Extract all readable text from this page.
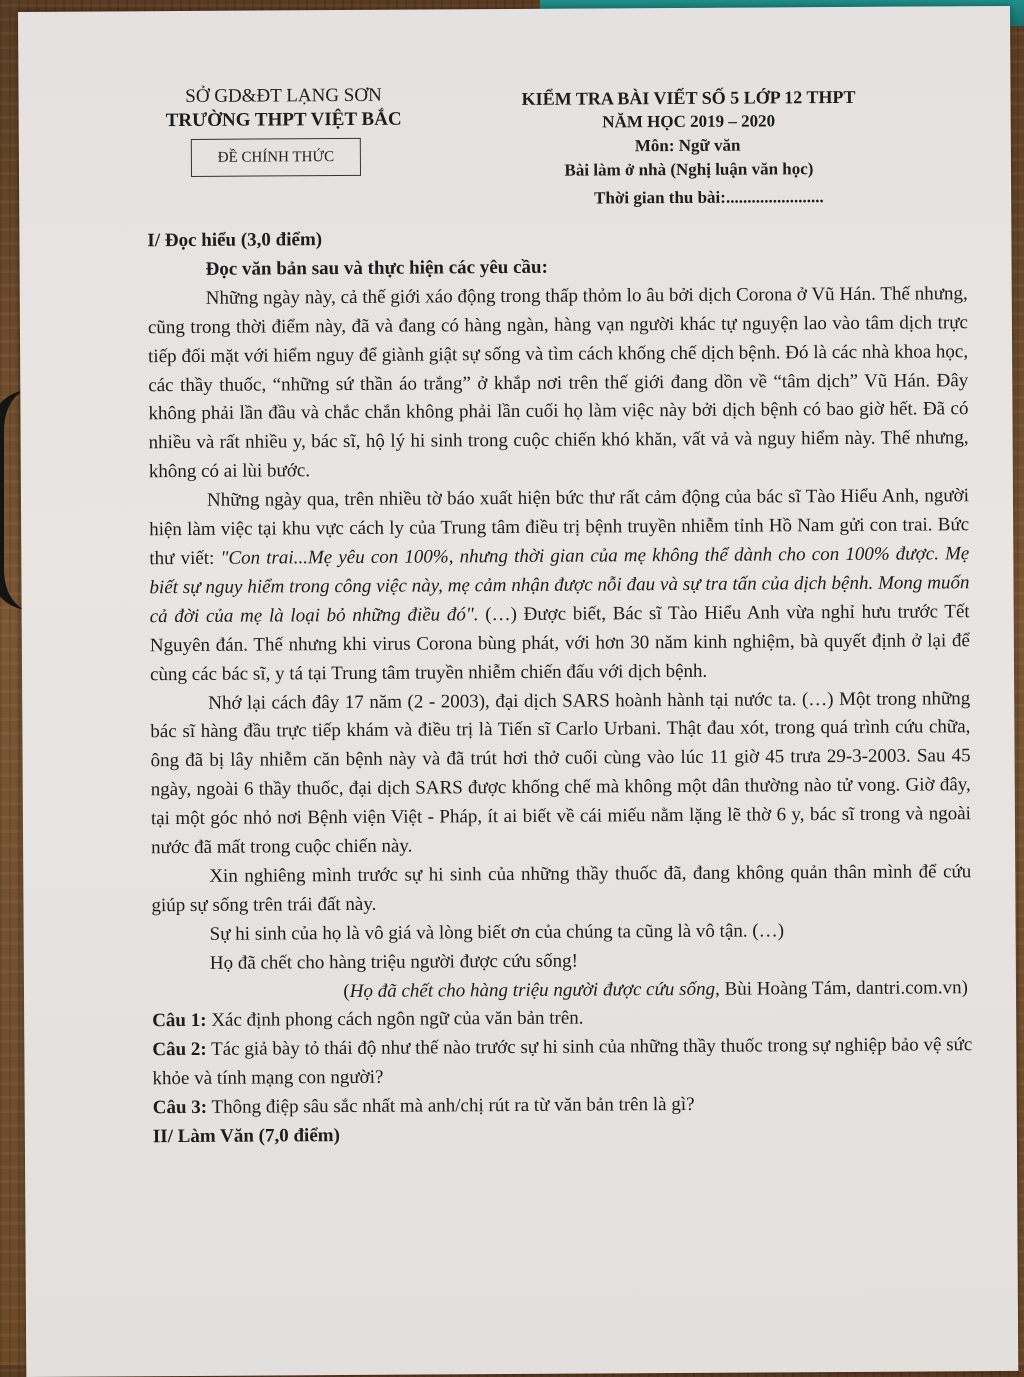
SỞ GD&ĐT LẠNG SƠN
TRƯỜNG THPT VIỆT BẮC
ĐỀ CHÍNH THỨC
KIỂM TRA BÀI VIẾT SỐ 5 LỚP 12 THPT
NĂM HỌC 2019 – 2020
Môn: Ngữ văn
Bài làm ở nhà (Nghị luận văn học)
Thời gian thu bài:.......................

I/ Đọc hiểu (3,0 điểm)

Đọc văn bản sau và thực hiện các yêu cầu:

Những ngày này, cả thế giới xáo động trong thấp thỏm lo âu bởi dịch Corona ở Vũ Hán. Thế nhưng, cũng trong thời điểm này, đã và đang có hàng ngàn, hàng vạn người khác tự nguyện lao vào tâm dịch trực tiếp đối mặt với hiểm nguy để giành giật sự sống và tìm cách khống chế dịch bệnh. Đó là các nhà khoa học, các thầy thuốc, “những sứ thần áo trắng” ở khắp nơi trên thế giới đang dồn về “tâm dịch” Vũ Hán. Đây không phải lần đầu và chắc chắn không phải lần cuối họ làm việc này bởi dịch bệnh có bao giờ hết. Đã có nhiều và rất nhiều y, bác sĩ, hộ lý hi sinh trong cuộc chiến khó khăn, vất vả và nguy hiểm này. Thế nhưng, không có ai lùi bước.

Những ngày qua, trên nhiều tờ báo xuất hiện bức thư rất cảm động của bác sĩ Tào Hiểu Anh, người hiện làm việc tại khu vực cách ly của Trung tâm điều trị bệnh truyền nhiễm tỉnh Hồ Nam gửi con trai. Bức thư viết: "Con trai...Mẹ yêu con 100%, nhưng thời gian của mẹ không thể dành cho con 100% được. Mẹ biết sự nguy hiểm trong công việc này, mẹ cảm nhận được nỗi đau và sự tra tấn của dịch bệnh. Mong muốn cả đời của mẹ là loại bỏ những điều đó". (…) Được biết, Bác sĩ Tào Hiểu Anh vừa nghỉ hưu trước Tết Nguyên đán. Thế nhưng khi virus Corona bùng phát, với hơn 30 năm kinh nghiệm, bà quyết định ở lại để cùng các bác sĩ, y tá tại Trung tâm truyền nhiễm chiến đấu với dịch bệnh.

Nhớ lại cách đây 17 năm (2 - 2003), đại dịch SARS hoành hành tại nước ta. (…) Một trong những bác sĩ hàng đầu trực tiếp khám và điều trị là Tiến sĩ Carlo Urbani. Thật đau xót, trong quá trình cứu chữa, ông đã bị lây nhiễm căn bệnh này và đã trút hơi thở cuối cùng vào lúc 11 giờ 45 trưa 29-3-2003. Sau 45 ngày, ngoài 6 thầy thuốc, đại dịch SARS được khống chế mà không một dân thường nào tử vong. Giờ đây, tại một góc nhỏ nơi Bệnh viện Việt - Pháp, ít ai biết về cái miếu nằm lặng lẽ thờ 6 y, bác sĩ trong và ngoài nước đã mất trong cuộc chiến này.

Xin nghiêng mình trước sự hi sinh của những thầy thuốc đã, đang không quản thân mình để cứu giúp sự sống trên trái đất này.

Sự hi sinh của họ là vô giá và lòng biết ơn của chúng ta cũng là vô tận. (…)

Họ đã chết cho hàng triệu người được cứu sống!

(Họ đã chết cho hàng triệu người được cứu sống, Bùi Hoàng Tám, dantri.com.vn)

Câu 1: Xác định phong cách ngôn ngữ của văn bản trên.

Câu 2: Tác giả bày tỏ thái độ như thế nào trước sự hi sinh của những thầy thuốc trong sự nghiệp bảo vệ sức khỏe và tính mạng con người?

Câu 3: Thông điệp sâu sắc nhất mà anh/chị rút ra từ văn bản trên là gì?

II/ Làm Văn (7,0 điểm)
